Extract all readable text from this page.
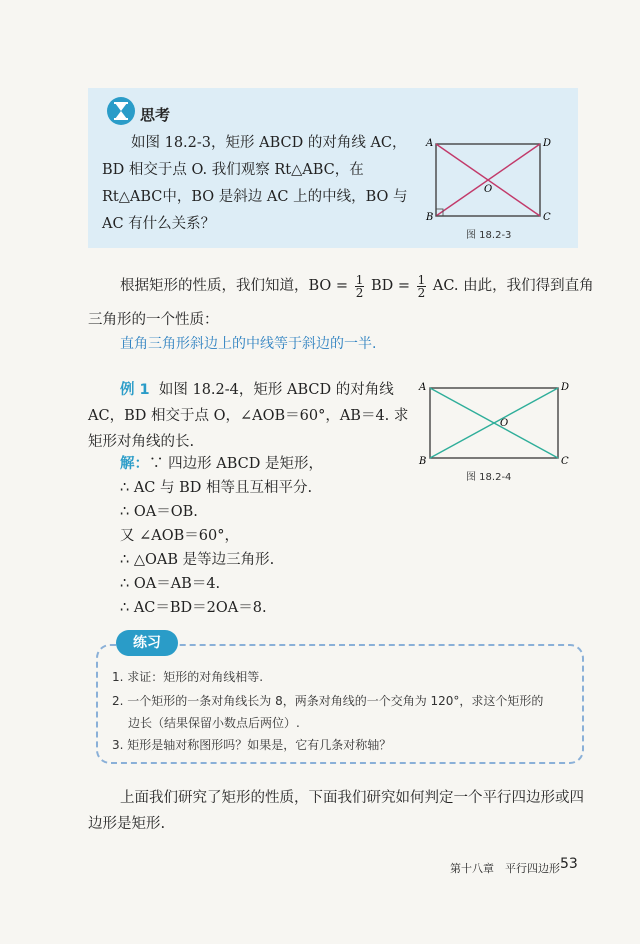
思考
如图 18.2-3，矩形 ABCD 的对角线 AC，BD 相交于点 O. 我们观察 Rt△ABC，在 Rt△ABC中，BO 是斜边 AC 上的中线，BO 与 AC 有什么关系？
A	D
B	C
O
图 18.2-3
根据矩形的性质，我们知道，BO = $\frac{1}{2}$ BD = $\frac{1}{2}$ AC. 由此，我们得到直角
三角形的一个性质：
直角三角形斜边上的中线等于斜边的一半.
例 1 如图 18.2-4，矩形 ABCD 的对角线
AC，BD 相交于点 O，∠AOB＝60°，AB＝4. 求
矩形对角线的长.
A	D
B	C
O
图 18.2-4
解：∵ 四边形 ABCD 是矩形，
∴ AC 与 BD 相等且互相平分.
∴ OA＝OB.
又 ∠AOB＝60°，
∴ △OAB 是等边三角形.
∴ OA＝AB＝4.
∴ AC＝BD＝2OA＝8.
练习
1. 求证：矩形的对角线相等.
2. 一个矩形的一条对角线长为 8，两条对角线的一个交角为 120°，求这个矩形的
边长（结果保留小数点后两位）.
3. 矩形是轴对称图形吗？如果是，它有几条对称轴？
上面我们研究了矩形的性质，下面我们研究如何判定一个平行四边形或四
边形是矩形.
第十八章　平行四边形 53
